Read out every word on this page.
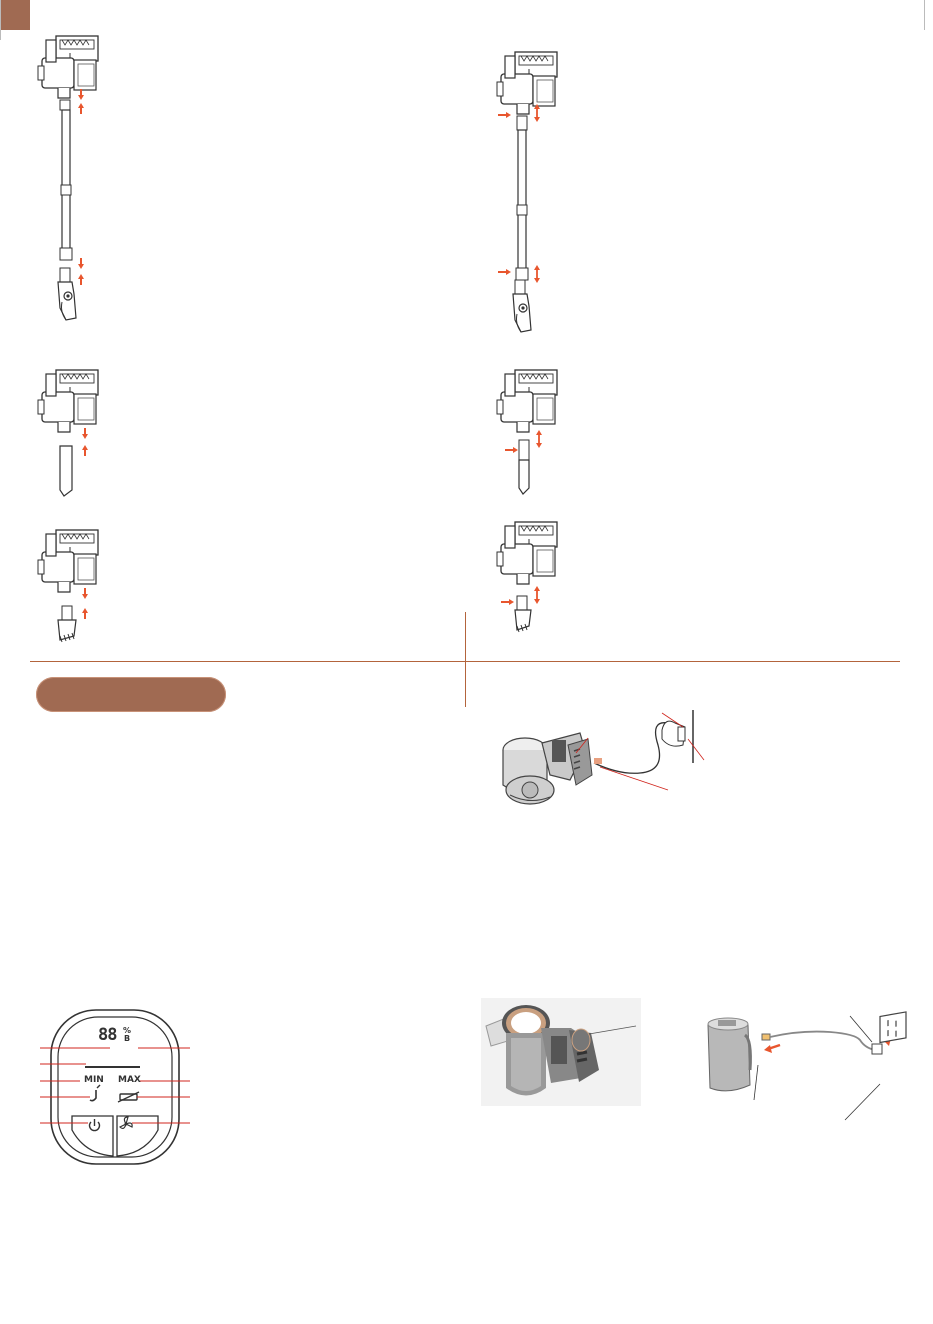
88 %
B
MIN MAX
